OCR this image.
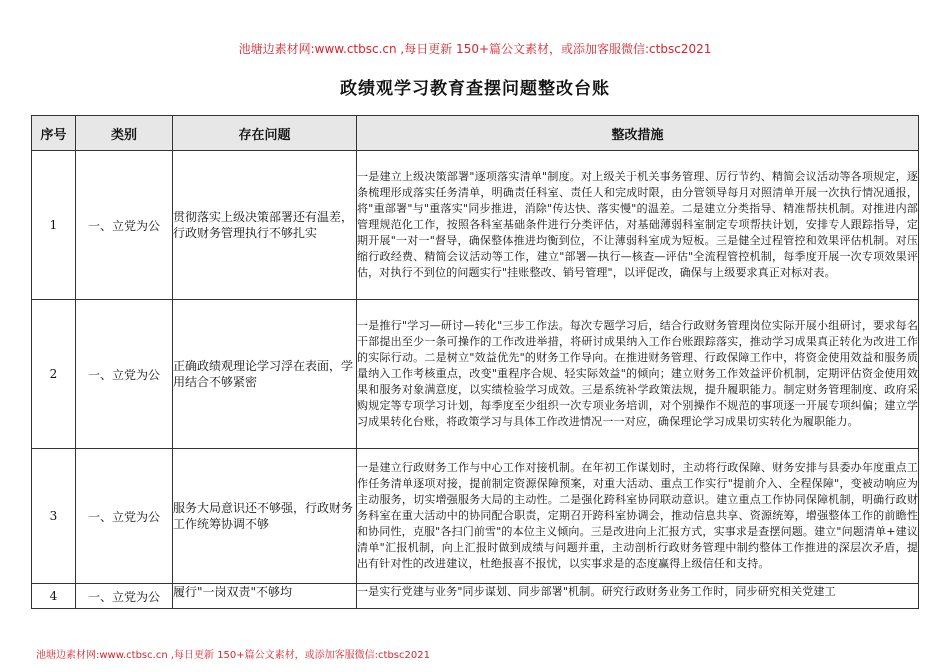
池塘边素材网:www.ctbsc.cn ,每日更新 150+篇公文素材，或添加客服微信:ctbsc2021
政绩观学习教育查摆问题整改台账
序号	类别	存在问题	整改措施
1	一、立党为公	贯彻落实上级决策部署还有温差，行政财务管理执行不够扎实	一是建立上级决策部署"逐项落实清单"制度。对上级关于机关事务管理、厉行节约、精简会议活动等各项规定，逐条梳理形成落实任务清单，明确责任科室、责任人和完成时限，由分管领导每月对照清单开展一次执行情况通报，将"重部署"与"重落实"同步推进，消除"传达快、落实慢"的温差。二是建立分类指导、精准帮扶机制。对推进内部管理规范化工作，按照各科室基础条件进行分类评估，对基础薄弱科室制定专项帮扶计划，安排专人跟踪指导，定期开展"一对一"督导，确保整体推进均衡到位，不让薄弱科室成为短板。三是健全过程管控和效果评估机制。对压缩行政经费、精简会议活动等工作，建立"部署—执行—核查—评估"全流程管控机制，每季度开展一次专项效果评估，对执行不到位的问题实行"挂账整改、销号管理"，以评促改，确保与上级要求真正对标对表。
2	一、立党为公	正确政绩观理论学习浮在表面，学用结合不够紧密	一是推行"学习—研讨—转化"三步工作法。每次专题学习后，结合行政财务管理岗位实际开展小组研讨，要求每名干部提出至少一条可操作的工作改进举措，将研讨成果纳入工作台账跟踪落实，推动学习成果真正转化为改进工作的实际行动。二是树立"效益优先"的财务工作导向。在推进财务管理、行政保障工作中，将资金使用效益和服务质量纳入工作考核重点，改变"重程序合规、轻实际效益"的倾向；建立财务工作效益评价机制，定期评估资金使用效果和服务对象满意度，以实绩检验学习成效。三是系统补学政策法规，提升履职能力。制定财务管理制度、政府采购规定等专项学习计划，每季度至少组织一次专项业务培训，对个别操作不规范的事项逐一开展专项纠偏；建立学习成果转化台账，将政策学习与具体工作改进情况一一对应，确保理论学习成果切实转化为履职能力。
3	一、立党为公	服务大局意识还不够强，行政财务工作统筹协调不够	一是建立行政财务工作与中心工作对接机制。在年初工作谋划时，主动将行政保障、财务安排与县委办年度重点工作任务清单逐项对接，提前制定资源保障预案，对重大活动、重点工作实行"提前介入、全程保障"，变被动响应为主动服务，切实增强服务大局的主动性。二是强化跨科室协同联动意识。建立重点工作协同保障机制，明确行政财务科室在重大活动中的协同配合职责，定期召开跨科室协调会，推动信息共享、资源统筹，增强整体工作的前瞻性和协同性，克服"各扫门前雪"的本位主义倾向。三是改进向上汇报方式，实事求是查摆问题。建立"问题清单+建议清单"汇报机制，向上汇报时做到成绩与问题并重，主动剖析行政财务管理中制约整体工作推进的深层次矛盾，提出有针对性的改进建议，杜绝报喜不报忧，以实事求是的态度赢得上级信任和支持。
4	一、立党为公	履行"一岗双责"不够均	一是实行党建与业务"同步谋划、同步部署"机制。研究行政财务业务工作时，同步研究相关党建工
池塘边素材网:www.ctbsc.cn ,每日更新 150+篇公文素材，或添加客服微信:ctbsc2021
